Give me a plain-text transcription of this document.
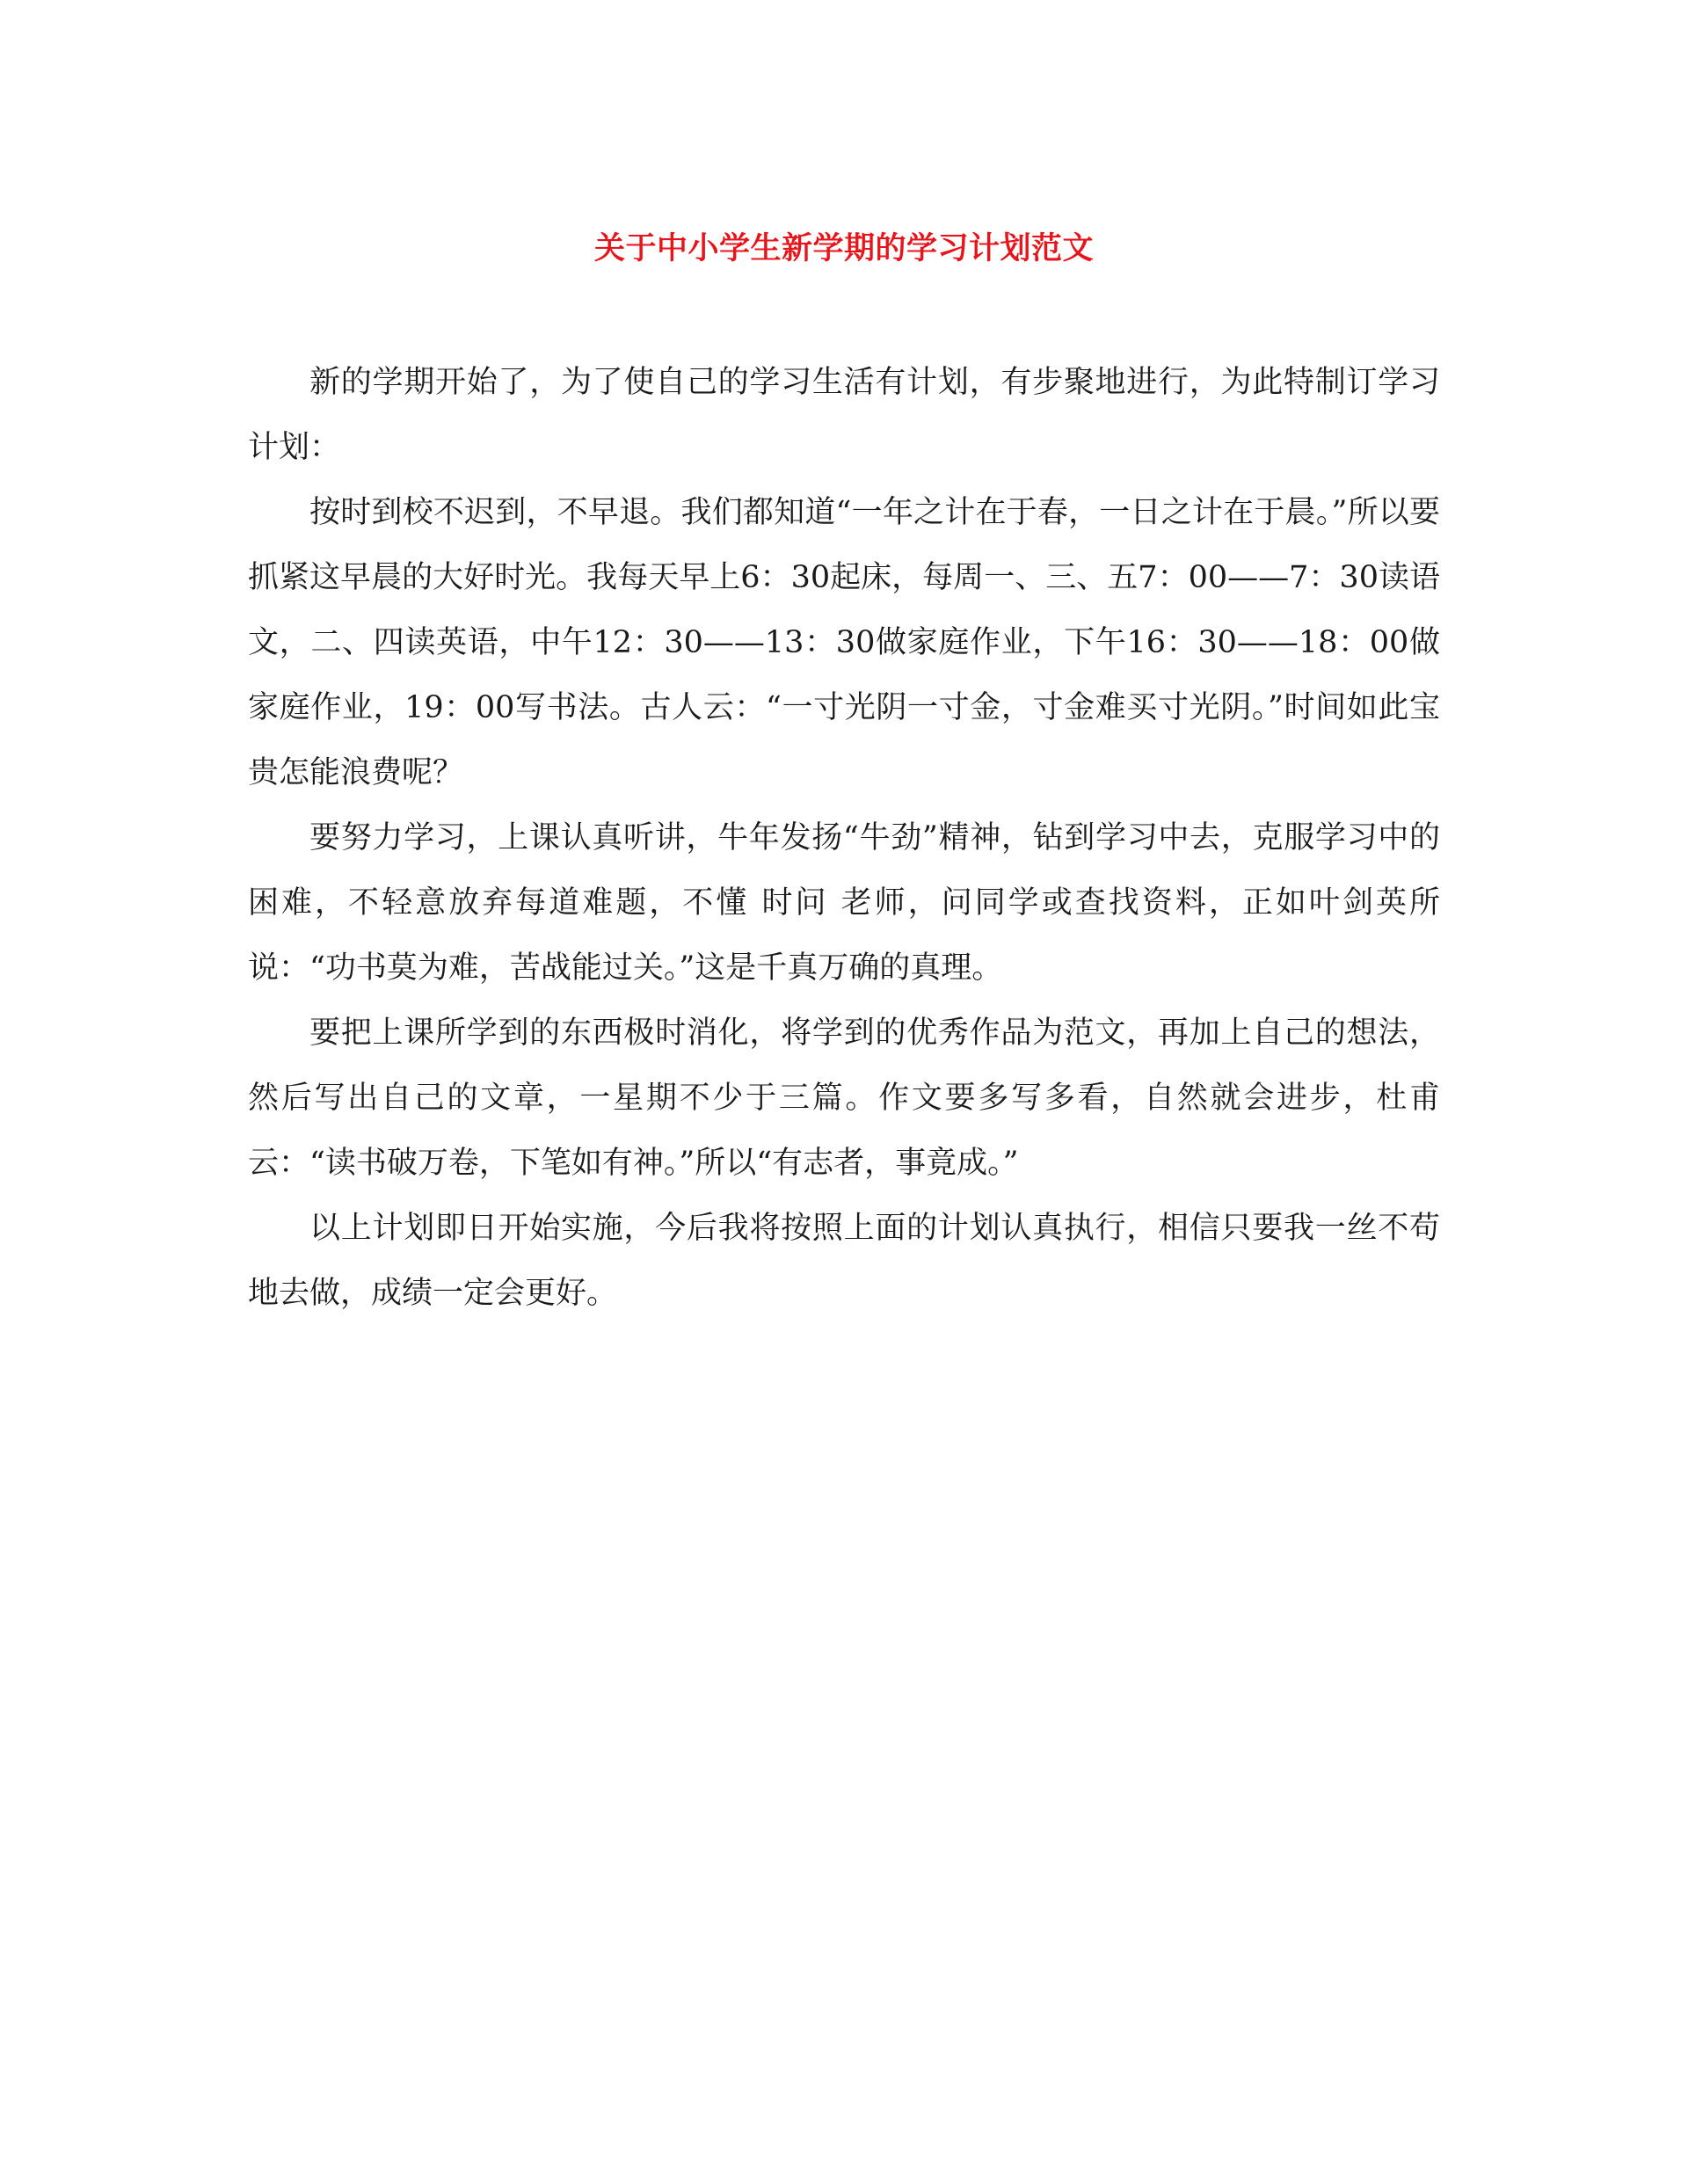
关于中小学生新学期的学习计划范文

新的学期开始了，为了使自己的学习生活有计划，有步聚地进行，为此特制订学习计划：

按时到校不迟到，不早退。我们都知道“一年之计在于春，一日之计在于晨。”所以要抓紧这早晨的大好时光。我每天早上6：30起床，每周一、三、五7：00——7：30读语文，二、四读英语，中午12：30——13：30做家庭作业，下午16：30——18：00做家庭作业，19：00写书法。古人云：“一寸光阴一寸金，寸金难买寸光阴。”时间如此宝贵怎能浪费呢？

要努力学习，上课认真听讲，牛年发扬“牛劲”精神，钻到学习中去，克服学习中的困难，不轻意放弃每道难题，不懂 时问 老师，问同学或查找资料，正如叶剑英所说：“功书莫为难，苦战能过关。”这是千真万确的真理。

要把上课所学到的东西极时消化，将学到的优秀作品为范文，再加上自己的想法，然后写出自己的文章，一星期不少于三篇。作文要多写多看，自然就会进步，杜甫云：“读书破万卷，下笔如有神。”所以“有志者，事竟成。”

以上计划即日开始实施，今后我将按照上面的计划认真执行，相信只要我一丝不苟地去做，成绩一定会更好。
